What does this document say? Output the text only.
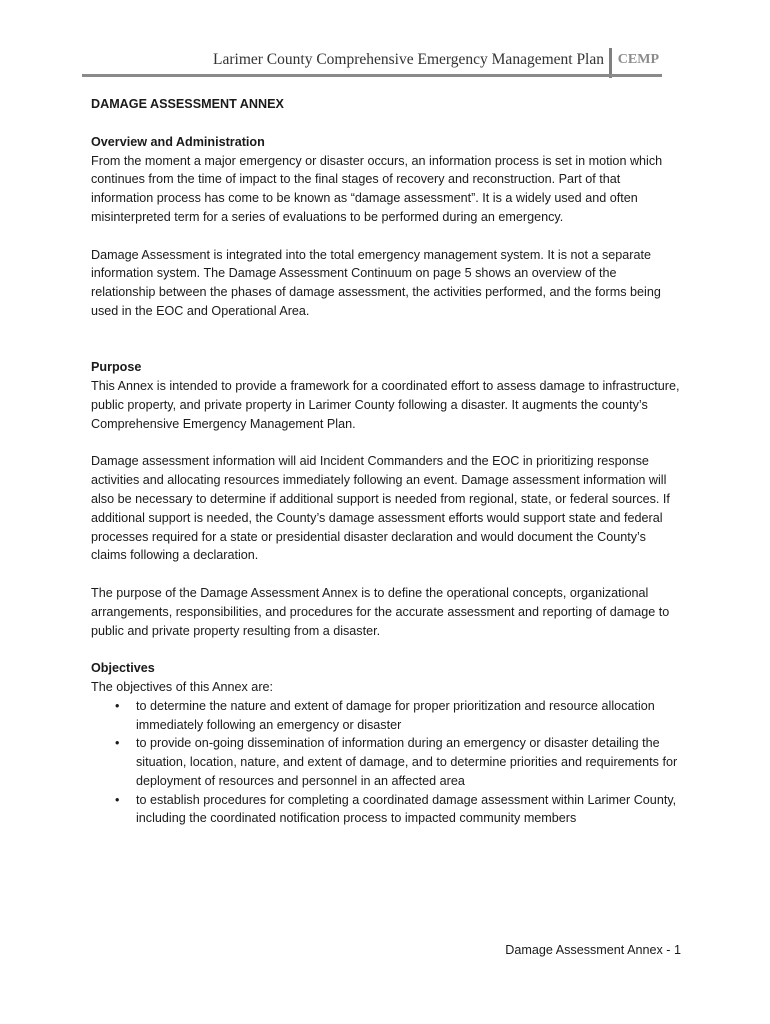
Larimer County Comprehensive Emergency Management Plan CEMP
DAMAGE ASSESSMENT ANNEX
Overview and Administration

From the moment a major emergency or disaster occurs, an information process is set in motion which continues from the time of impact to the final stages of recovery and reconstruction. Part of that information process has come to be known as “damage assessment”. It is a widely used and often misinterpreted term for a series of evaluations to be performed during an emergency.

Damage Assessment is integrated into the total emergency management system. It is not a separate information system. The Damage Assessment Continuum on page 5 shows an overview of the relationship between the phases of damage assessment, the activities performed, and the forms being used in the EOC and Operational Area.

Purpose

This Annex is intended to provide a framework for a coordinated effort to assess damage to infrastructure, public property, and private property in Larimer County following a disaster. It augments the county’s Comprehensive Emergency Management Plan.

Damage assessment information will aid Incident Commanders and the EOC in prioritizing response activities and allocating resources immediately following an event. Damage assessment information will also be necessary to determine if additional support is needed from regional, state, or federal sources. If additional support is needed, the County’s damage assessment efforts would support state and federal processes required for a state or presidential disaster declaration and would document the County’s claims following a declaration.

The purpose of the Damage Assessment Annex is to define the operational concepts, organizational arrangements, responsibilities, and procedures for the accurate assessment and reporting of damage to public and private property resulting from a disaster.

Objectives
The objectives of this Annex are:
• to determine the nature and extent of damage for proper prioritization and resource allocation immediately following an emergency or disaster
• to provide on-going dissemination of information during an emergency or disaster detailing the situation, location, nature, and extent of damage, and to determine priorities and requirements for deployment of resources and personnel in an affected area
• to establish procedures for completing a coordinated damage assessment within Larimer County, including the coordinated notification process to impacted community members
Damage Assessment Annex - 1
